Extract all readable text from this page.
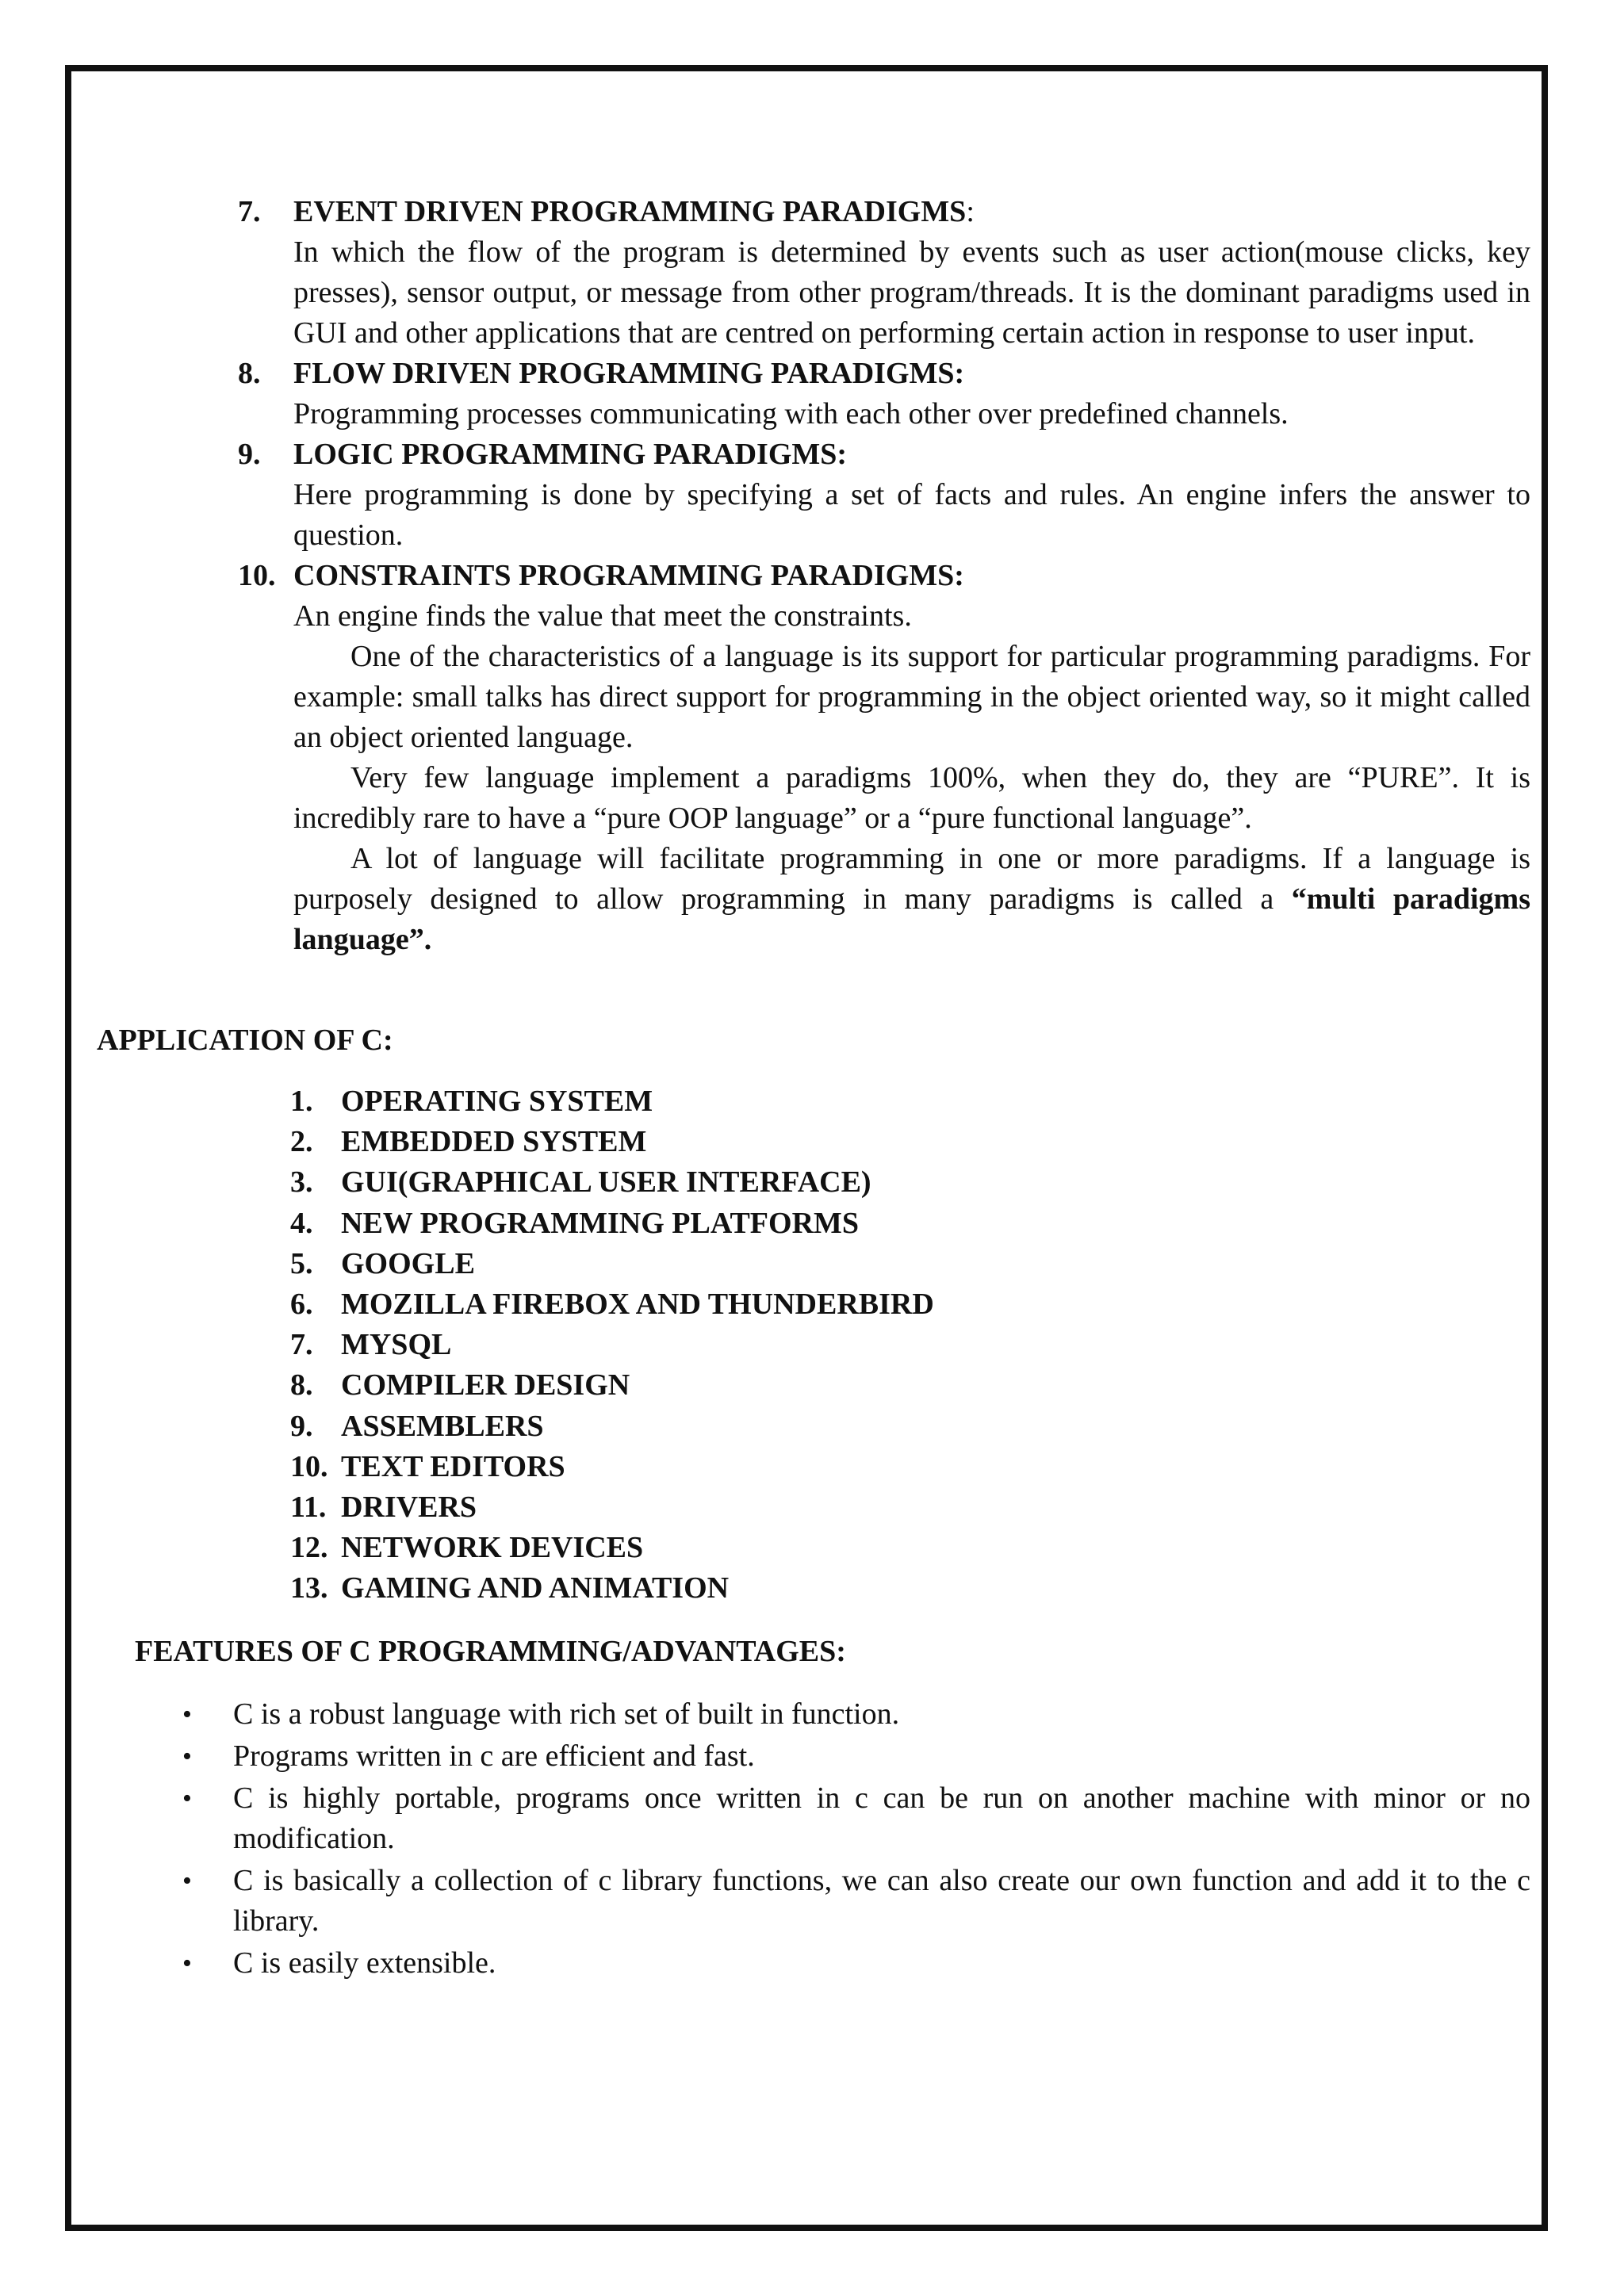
7. EVENT DRIVEN PROGRAMMING PARADIGMS:
In which the flow of the program is determined by events such as user action(mouse clicks, key presses), sensor output, or message from other program/threads. It is the dominant paradigms used in GUI and other applications that are centred on performing certain action in response to user input.
8. FLOW DRIVEN PROGRAMMING PARADIGMS:
Programming processes communicating with each other over predefined channels.
9. LOGIC PROGRAMMING PARADIGMS:
Here programming is done by specifying a set of facts and rules. An engine infers the answer to question.
10. CONSTRAINTS PROGRAMMING PARADIGMS:
An engine finds the value that meet the constraints.
One of the characteristics of a language is its support for particular programming paradigms. For example: small talks has direct support for programming in the object oriented way, so it might called an object oriented language.
Very few language implement a paradigms 100%, when they do, they are “PURE”. It is incredibly rare to have a “pure OOP language” or a “pure functional language”.
A lot of language will facilitate programming in one or more paradigms. If a language is purposely designed to allow programming in many paradigms is called a “multi paradigms language”.
APPLICATION OF C:
1. OPERATING SYSTEM
2. EMBEDDED SYSTEM
3. GUI(GRAPHICAL USER INTERFACE)
4. NEW PROGRAMMING PLATFORMS
5. GOOGLE
6. MOZILLA FIREBOX AND THUNDERBIRD
7. MYSQL
8. COMPILER DESIGN
9. ASSEMBLERS
10. TEXT EDITORS
11. DRIVERS
12. NETWORK DEVICES
13. GAMING AND ANIMATION
FEATURES OF C PROGRAMMING/ADVANTAGES:
• C is a robust language with rich set of built in function.
• Programs written in c are efficient and fast.
• C is highly portable, programs once written in c can be run on another machine with minor or no modification.
• C is basically a collection of c library functions, we can also create our own function and add it to the c library.
• C is easily extensible.
